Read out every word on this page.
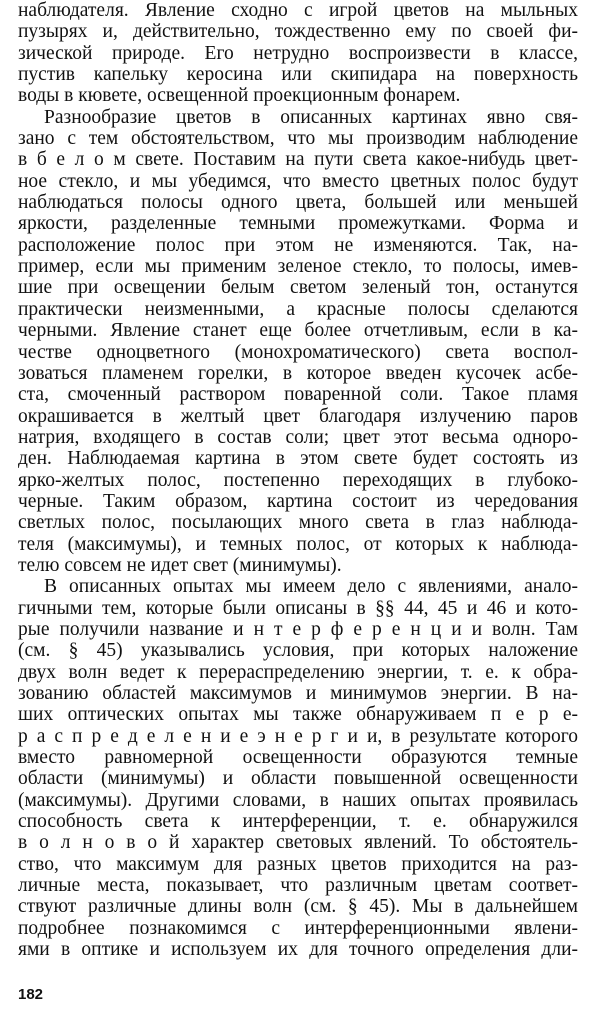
наблюдателя. Явление сходно с игрой цветов на мыльных
пузырях и, действительно, тождественно ему по своей фи-
зической природе. Его нетрудно воспроизвести в классе,
пустив капельку керосина или скипидара на поверхность
воды в кювете, освещенной проекционным фонарем.
Разнообразие цветов в описанных картинах явно свя-
зано с тем обстоятельством, что мы производим наблюдение
в б е л о м свете. Поставим на пути света какое-нибудь цвет-
ное стекло, и мы убедимся, что вместо цветных полос будут
наблюдаться полосы одного цвета, большей или меньшей
яркости, разделенные темными промежутками. Форма и
расположение полос при этом не изменяются. Так, на-
пример, если мы применим зеленое стекло, то полосы, имев-
шие при освещении белым светом зеленый тон, останутся
практически неизменными, а красные полосы сделаются
черными. Явление станет еще более отчетливым, если в ка-
честве одноцветного (монохроматического) света воспол-
зоваться пламенем горелки, в которое введен кусочек асбе-
ста, смоченный раствором поваренной соли. Такое пламя
окрашивается в желтый цвет благодаря излучению паров
натрия, входящего в состав соли; цвет этот весьма одноро-
ден. Наблюдаемая картина в этом свете будет состоять из
ярко-желтых полос, постепенно переходящих в глубоко-
черные. Таким образом, картина состоит из чередования
светлых полос, посылающих много света в глаз наблюда-
теля (максимумы), и темных полос, от которых к наблюда-
телю совсем не идет свет (минимумы).
В описанных опытах мы имеем дело с явлениями, анало-
гичными тем, которые были описаны в §§ 44, 45 и 46 и кото-
рые получили название и н т е р ф е р е н ц и и волн. Там
(см. § 45) указывались условия, при которых наложение
двух волн ведет к перераспределению энергии, т. е. к обра-
зованию областей максимумов и минимумов энергии. В на-
ших оптических опытах мы также обнаруживаем п е р е-
р а с п р е д е л е н и е э н е р г и и, в результате которого
вместо равномерной освещенности образуются темные
области (минимумы) и области повышенной освещенности
(максимумы). Другими словами, в наших опытах проявилась
способность света к интерференции, т. е. обнаружился
в о л н о в о й характер световых явлений. То обстоятель-
ство, что максимум для разных цветов приходится на раз-
личные места, показывает, что различным цветам соответ-
ствуют различные длины волн (см. § 45). Мы в дальнейшем
подробнее познакомимся с интерференционными явлени-
ями в оптике и используем их для точного определения дли-
182
